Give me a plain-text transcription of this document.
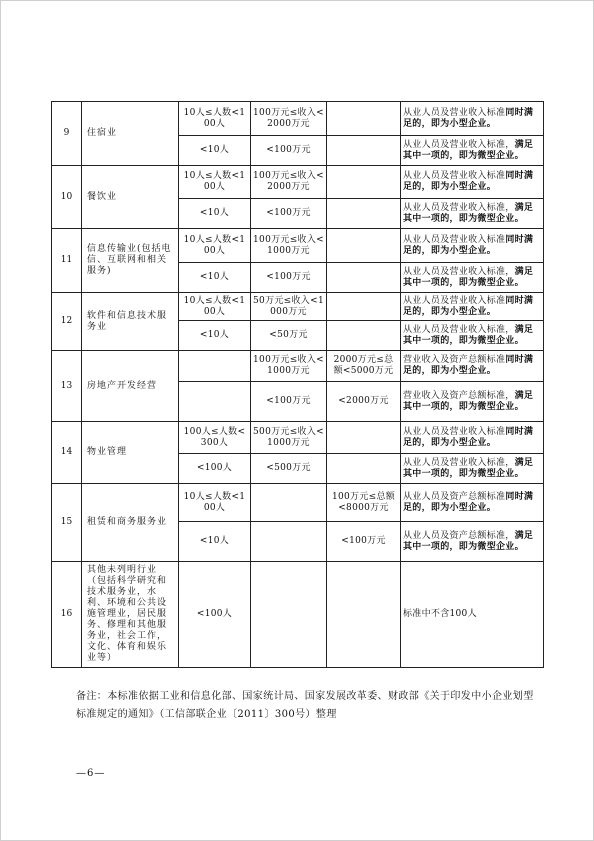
9	住宿业	10人≤人数<100人	100万元≤收入<2000万元		从业人员及营业收入标准同时满足的，即为小型企业。
		<10人	<100万元		从业人员及营业收入标准，满足其中一项的，即为微型企业。
10	餐饮业	10人≤人数<100人	100万元≤收入<2000万元		从业人员及营业收入标准同时满足的，即为小型企业。
		<10人	<100万元		从业人员及营业收入标准，满足其中一项的，即为微型企业。
11	信息传输业(包括电信、互联网和相关服务)	10人≤人数<100人	100万元≤收入<1000万元		从业人员及营业收入标准同时满足的，即为小型企业。
		<10人	<100万元		从业人员及营业收入标准，满足其中一项的，即为微型企业。
12	软件和信息技术服务业	10人≤人数<100人	50万元≤收入<1000万元		从业人员及营业收入标准同时满足的，即为小型企业。
		<10人	<50万元		从业人员及营业收入标准，满足其中一项的，即为微型企业。
13	房地产开发经营		100万元≤收入<1000万元	2000万元≤总额<5000万元	营业收入及资产总额标准同时满足的，即为小型企业。
			<100万元	<2000万元	营业收入及资产总额标准，满足其中一项的，即为微型企业。
14	物业管理	100人≤人数<300人	500万元≤收入<1000万元		从业人员及营业收入标准同时满足的，即为小型企业。
		<100人	<500万元		从业人员及营业收入标准，满足其中一项的，即为微型企业。
15	租赁和商务服务业	10人≤人数<100人		100万元≤总额<8000万元	从业人员及资产总额标准同时满足的，即为小型企业。
		<10人		<100万元	从业人员及资产总额标准，满足其中一项的，即为微型企业。
16	其他未列明行业（包括科学研究和技术服务业，水利、环境和公共设施管理业，居民服务、修理和其他服务业，社会工作，文化、体育和娱乐业等）	<100人			标准中不含100人
备注：本标准依据工业和信息化部、国家统计局、国家发展改革委、财政部《关于印发中小企业划型标准规定的通知》（工信部联企业〔2011〕300号）整理
—6—
